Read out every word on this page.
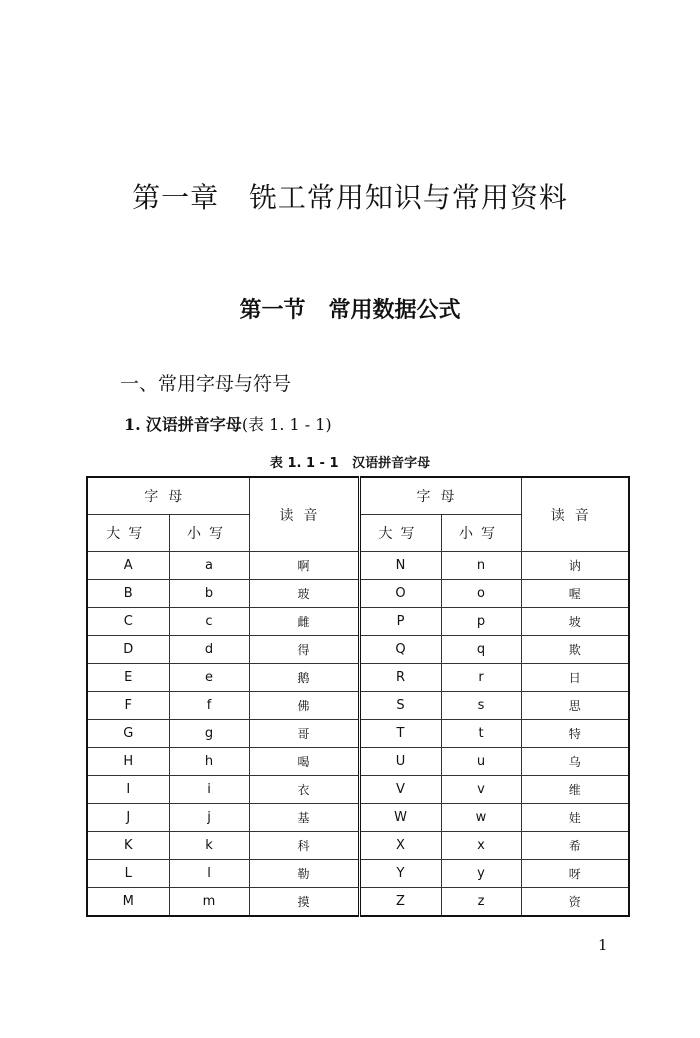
第一章   铣工常用知识与常用资料
第一节   常用数据公式
一、常用字母与符号
1. 汉语拼音字母(表 1. 1 - 1)
表 1. 1 - 1   汉语拼音字母
字母		读音	字母		读音
大写	小写		大写	小写	
A	a	啊	N	n	讷
B	b	玻	O	o	喔
C	c	雌	P	p	坡
D	d	得	Q	q	欺
E	e	鹅	R	r	日
F	f	佛	S	s	思
G	g	哥	T	t	特
H	h	喝	U	u	乌
I	i	衣	V	v	维
J	j	基	W	w	娃
K	k	科	X	x	希
L	l	勒	Y	y	呀
M	m	摸	Z	z	资
1
